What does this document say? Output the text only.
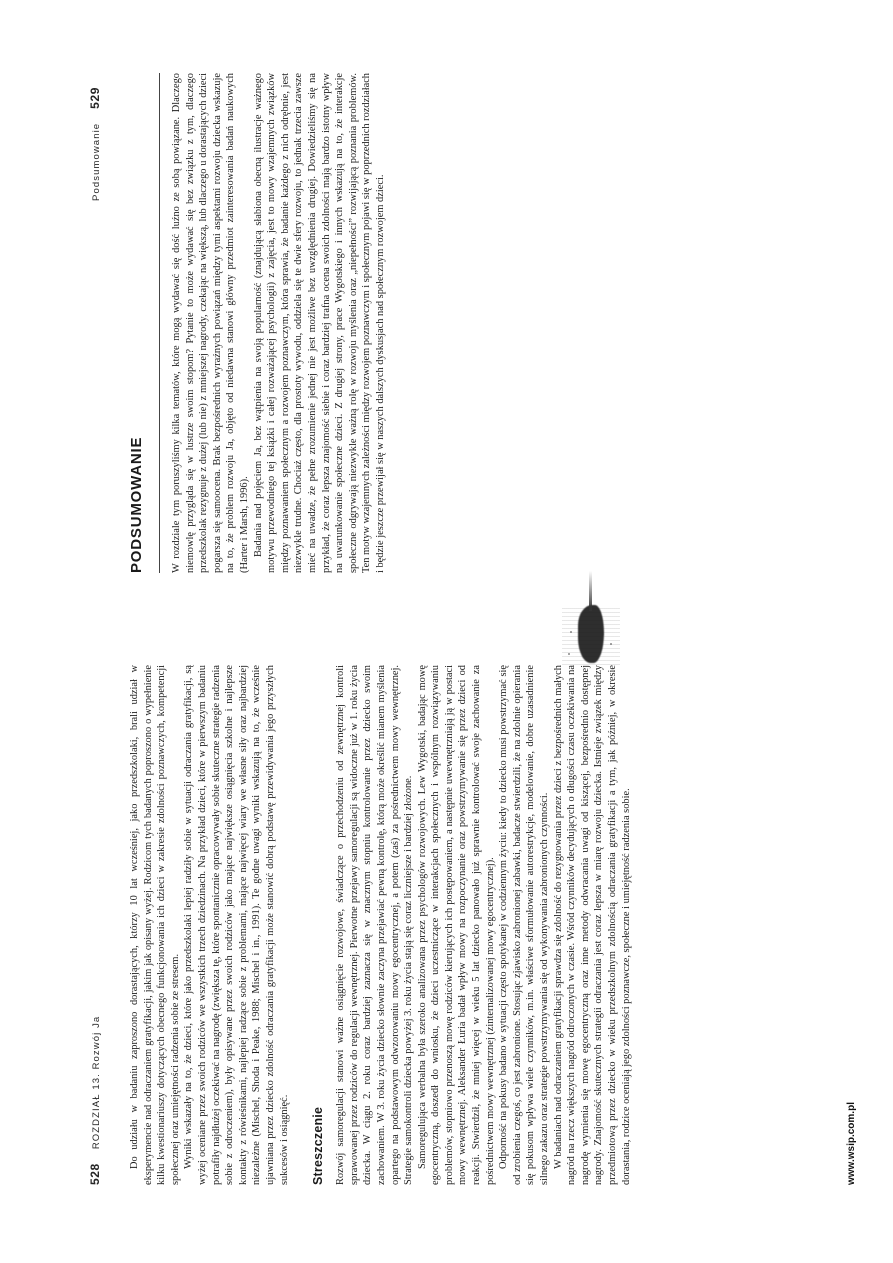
528
ROZDZIAŁ 13. Rozwój Ja	Do udziału w badaniu zaproszono dorastających, którzy 10 lat wcześniej, jako przedszkolaki, brali udział w eksperymencie nad odraczaniem gratyfikacji, jakim jak opisany wyżej. Rodzicom tych badanych poproszono o wypełnienie kilku kwestionariuszy dotyczących obecnego funkcjonowania ich dzieci w zakresie zdolności poznawczych, kompetencji społecznej oraz umiejętności radzenia sobie ze stresem. Wyniki wskazały na to, że dzieci, które jako przedszkolaki lepiej radziły sobie w sytuacji odraczania gratyfikacji, są wyżej oceniane przez swoich rodziców we wszystkich trzech dziedzinach. Na przykład dzieci, które w pierwszym badaniu potrafiły najdłużej oczekiwać na nagrodę (zwiększa tę, które spontanicznie opracowywały sobie skuteczne strategie radzenia sobie z odroczeniem), były opisywane przez swoich rodziców jako mające największe osiągnięcia szkolne i najlepsze kontakty z rówieśnikami, najlepiej radzące sobie z problemami, mające najwięcej wiary we własne siły oraz najbardziej niezależne (Mischel, Shoda i Peake, 1988; Mischel i in., 1991). Te godne uwagi wyniki wskazują na to, że wcześnie ujawniana przez dziecko zdolność odraczania gratyfikacji może stanowić dobrą podstawę przewidywania jego przyszłych sukcesów i osiągnięć. Streszczenie Rozwój samoregulacji stanowi ważne osiągnięcie rozwojowe, świadczące o przechodzeniu od zewnętrznej kontroli sprawowanej przez rodziców do regulacji wewnętrznej. Pierwotne przejawy samoregulacji są widoczne już w 1. roku życia dziecka. W ciągu 2. roku coraz bardziej zaznacza się w znacznym stopniu kontrolowanie przez dziecko swoim zachowaniem. W 3. roku życia dziecko słownie zaczyna przejawiać pewną kontrolę, którą może określić mianem myślenia opartego na podstawowym odwzorowaniu mowy egocentrycznej, a potem (zaś) za pośrednictwem mowy wewnętrznej. Strategie samokontroli dziecka powyżej 3. roku życia stają się coraz liczniejsze i bardziej złożone. Samoregulująca werbalna była szeroko analizowana przez psychologów rozwojowych. Lew Wygotski, badając mowę egocentryczną, doszedł do wniosku, że dzieci uczestniczące w interakcjach społecznych i wspólnym rozwiązywaniu problemów, stopniowo przenoszą mowę rodziców kierujących ich postępowaniem, a następnie uwewnętrzniają ją w postaci mowy wewnętrznej. Aleksander Łuria badał wpływ mowy na rozpoczynanie oraz powstrzymywanie się przez dzieci od reakcji. Stwierdził, że mniej więcej w wieku 5 lat dziecko panowało już sprawnie kontrolować swoje zachowanie za pośrednictwem mowy wewnętrznej (zinternalizowanej mowy egocentrycznej). Odporność na pokusy badano w sytuacji często spotykanej w codziennym życiu: kiedy to dziecko musi powstrzymać się od zrobienia czegoś, co jest zabronione. Stosując zjawisko zabronionej zabawki, badacze stwierdzili, że na zdolnie opierania się pokusom wpływa wiele czynników, m.in. właściwe sformułowanie autorestrykcje, modelowanie, dobre uzasadnienie silnego zakazu oraz strategie powstrzymywania się od wykonywania zabronionych czynności. W badaniach nad odraczaniem gratyfikacji sprawdza się zdolność do rezygnowania przez dzieci z bezpośrednich małych nagród na rzecz większych nagród odroczonych w czasie. Wśród czynników decydujących o długości czasu oczekiwania na nagrodę wymienia się mowę egocentryczną oraz inne metody odwracania uwagi od kiszącej, bezpośrednio dostępnej nagrody. Znajomość skutecznych strategii odraczania jest coraz lepsza w miarę rozwoju dziecka. Istnieje związek między przedmiotową przez dziecko w wieku przedszkolnym zdolnością odraczania gratyfikacji a tym, jak później, w okresie dorastania, rodzice oceniają jego zdolności poznawcze, społeczne i umiejętność radzenia sobie.

Podsumowanie
529
PODSUMOWANIE	W rozdziale tym poruszyliśmy kilka tematów, które mogą wydawać się dość luźno ze sobą powiązane. Dlaczego niemowlę przygląda się w lustrze swoim stopom? Pytanie to może wydawać się bez związku z tym, dlaczego przedszkolak rezygnuje z dużej (lub nie) z mniejszej nagrody, czekając na większą, lub dlaczego u dorastających dzieci pogarsza się samoocena. Brak bezpośrednich wyraźnych powiązań między tymi aspektami rozwoju dziecka wskazuje na to, że problem rozwoju Ja, objęto od niedawna stanowi główny przedmiot zainteresowania badań naukowych (Harter i Marsh, 1996). Badania nad pojęciem Ja, bez wątpienia na swoją popularność (znajdującą słabiona obecną ilustracje ważnego motywu przewodniego tej książki i całej rozważającej psychologii) z zajęcia, jest to mowy wzajemnych związków między poznawaniem społecznym a rozwojem poznawczym, która sprawia, że badanie każdego z nich odrębnie, jest niezwykle trudne. Chociaż często, dla prostoty wywodu, oddziela się te dwie sfery rozwoju, to jednak trzecia zawsze mieć na uwadze, że pełne zrozumienie jednej nie jest możliwe bez uwzględnienia drugiej. Dowiedzieliśmy się na przykład, że coraz lepsza znajomość siebie i coraz bardziej trafna ocena swoich zdolności mają bardzo istotny wpływ na uwarunkowanie społeczne dzieci. Z drugiej strony, prace Wygotskiego i innych wskazują na to, że interakcje społeczne odgrywają niezwykle ważną rolę w rozwoju myślenia oraz „niepełności” rozwijającą poznania problemów. Ten motyw wzajemnych zależności między rozwojem poznawczym i społecznym pojawi się w poprzednich rozdziałach i będzie jeszcze przewijał się w naszych dalszych dyskusjach nad społecznym rozwojem dzieci.

www.wsip.com.pl
